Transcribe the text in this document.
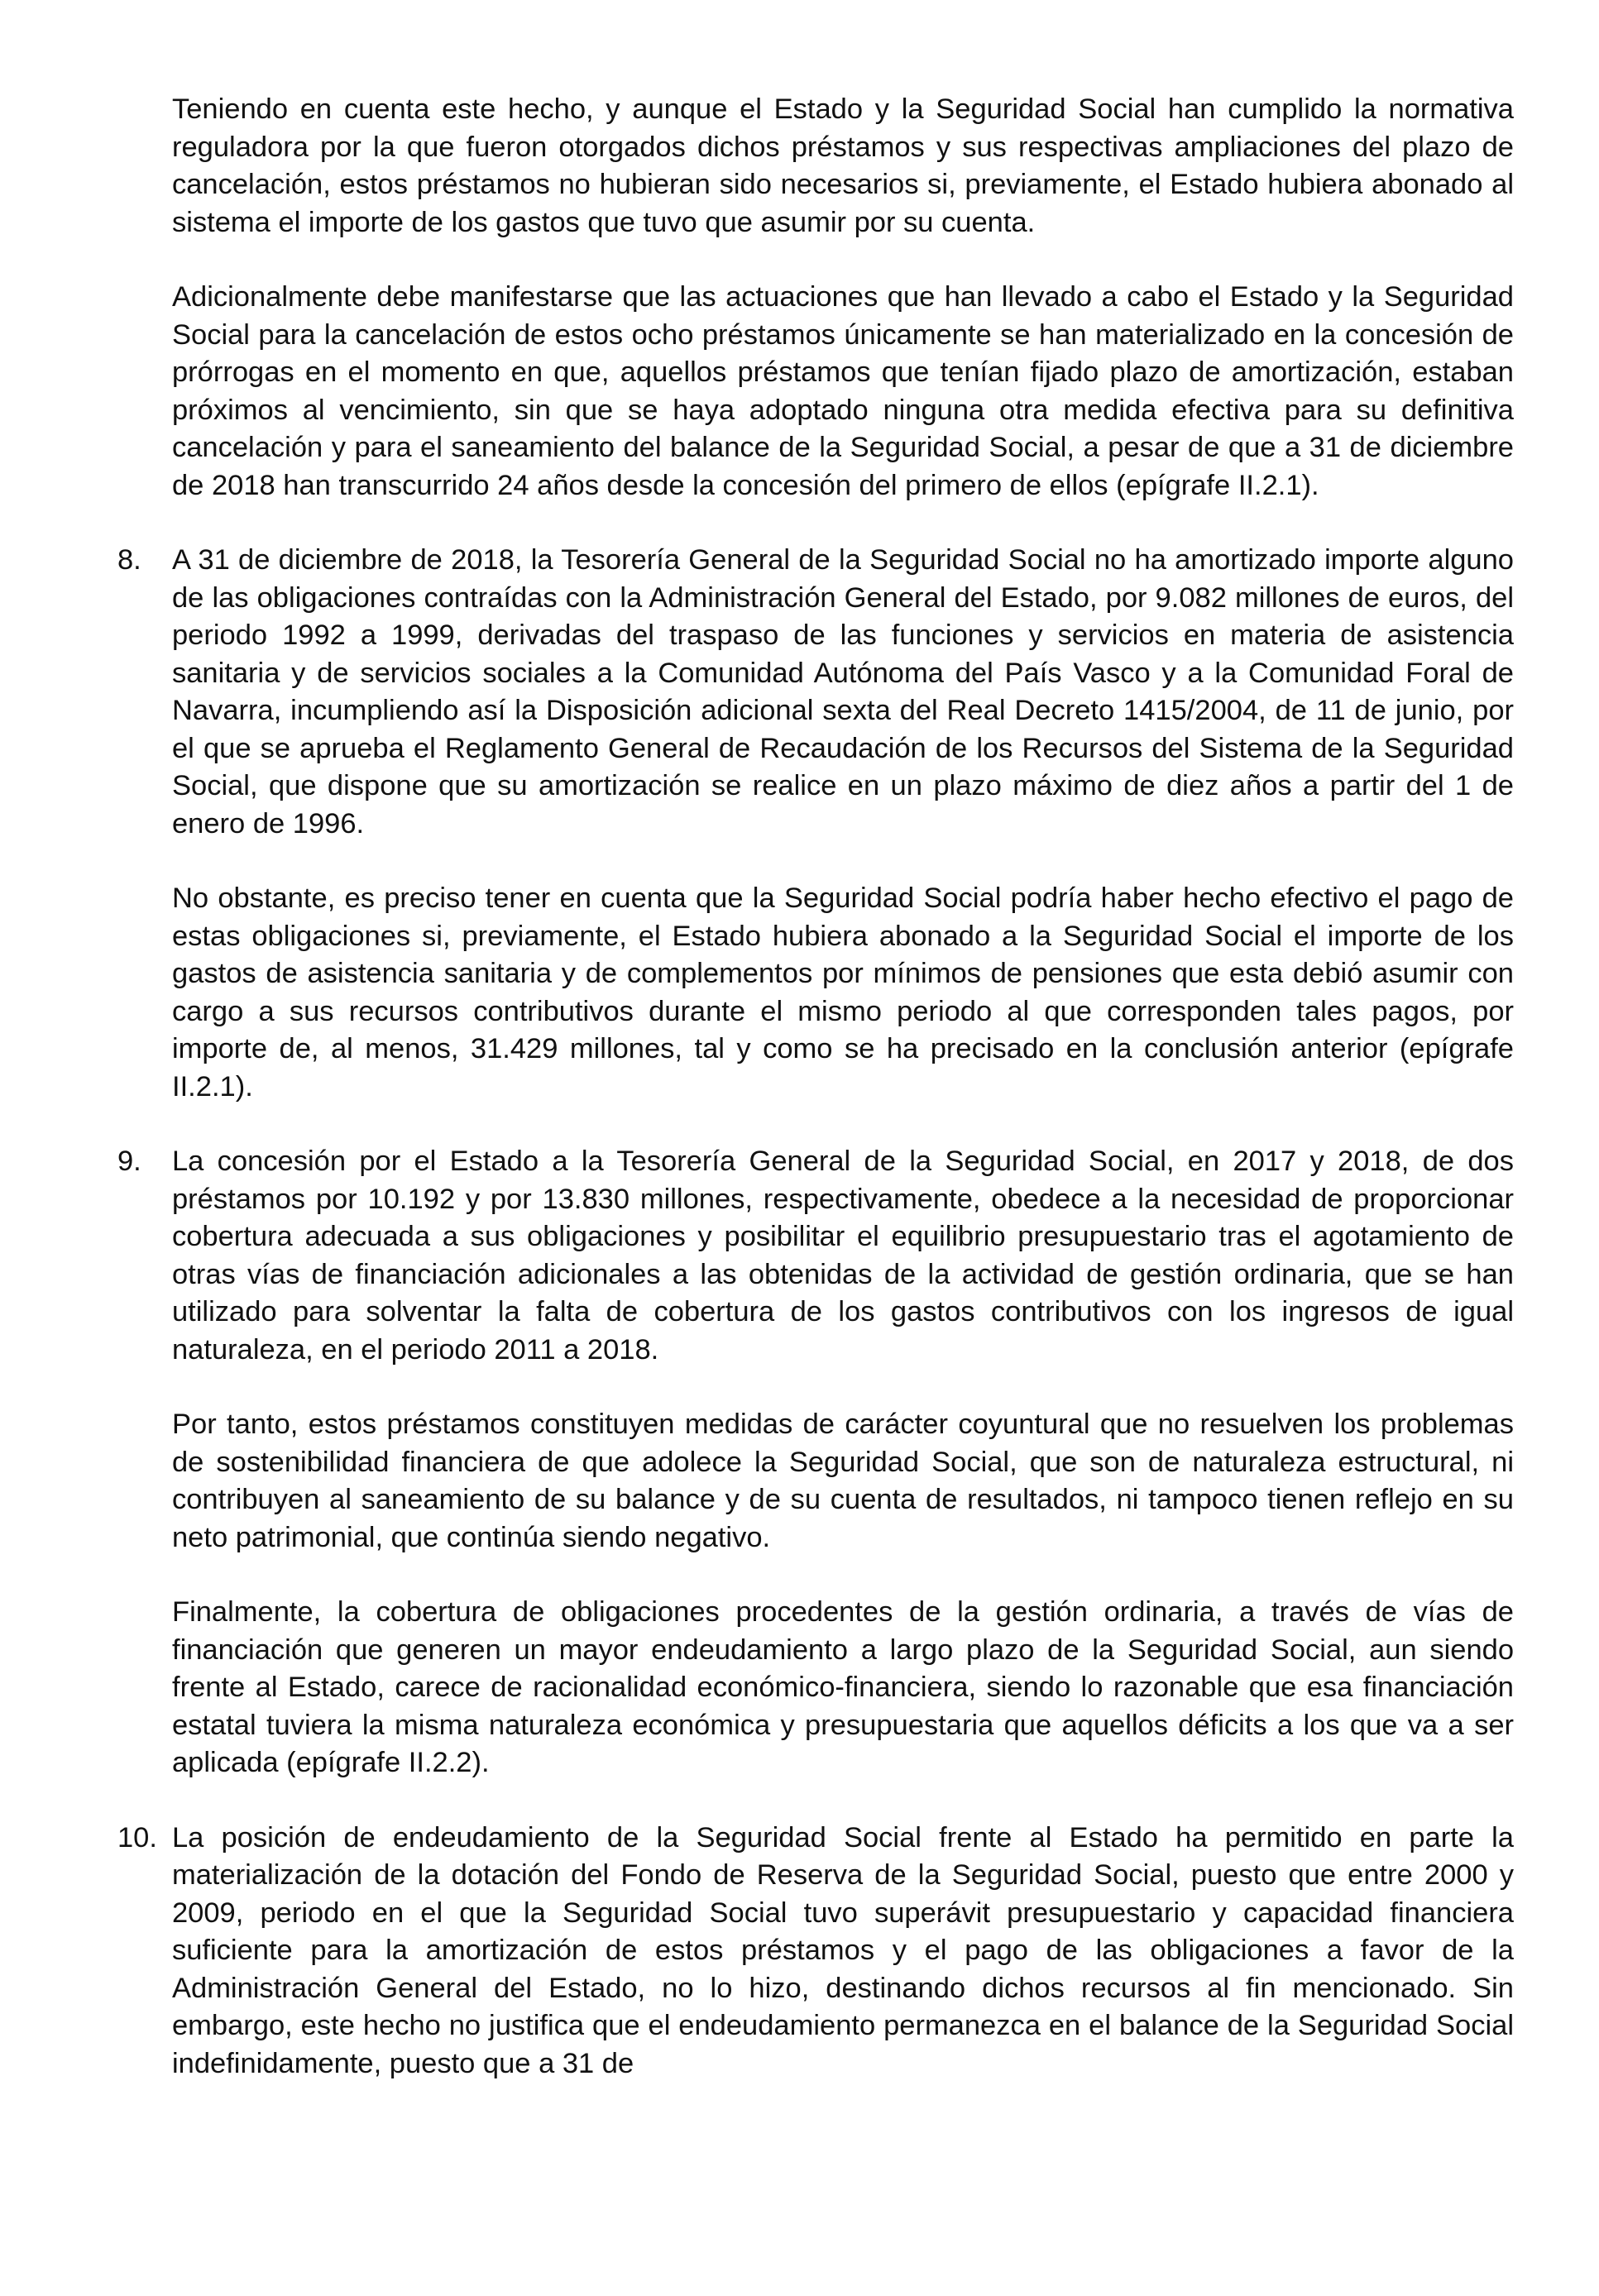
Teniendo en cuenta este hecho, y aunque el Estado y la Seguridad Social han cumplido la normativa reguladora por la que fueron otorgados dichos préstamos y sus respectivas ampliaciones del plazo de cancelación, estos préstamos no hubieran sido necesarios si, previamente, el Estado hubiera abonado al sistema el importe de los gastos que tuvo que asumir por su cuenta.

Adicionalmente debe manifestarse que las actuaciones que han llevado a cabo el Estado y la Seguridad Social para la cancelación de estos ocho préstamos únicamente se han materializado en la concesión de prórrogas en el momento en que, aquellos préstamos que tenían fijado plazo de amortización, estaban próximos al vencimiento, sin que se haya adoptado ninguna otra medida efectiva para su definitiva cancelación y para el saneamiento del balance de la Seguridad Social, a pesar de que a 31 de diciembre de 2018 han transcurrido 24 años desde la concesión del primero de ellos (epígrafe II.2.1).

8.	A 31 de diciembre de 2018, la Tesorería General de la Seguridad Social no ha amortizado importe alguno de las obligaciones contraídas con la Administración General del Estado, por 9.082 millones de euros, del periodo 1992 a 1999, derivadas del traspaso de las funciones y servicios en materia de asistencia sanitaria y de servicios sociales a la Comunidad Autónoma del País Vasco y a la Comunidad Foral de Navarra, incumpliendo así la Disposición adicional sexta del Real Decreto 1415/2004, de 11 de junio, por el que se aprueba el Reglamento General de Recaudación de los Recursos del Sistema de la Seguridad Social, que dispone que su amortización se realice en un plazo máximo de diez años a partir del 1 de enero de 1996.

No obstante, es preciso tener en cuenta que la Seguridad Social podría haber hecho efectivo el pago de estas obligaciones si, previamente, el Estado hubiera abonado a la Seguridad Social el importe de los gastos de asistencia sanitaria y de complementos por mínimos de pensiones que esta debió asumir con cargo a sus recursos contributivos durante el mismo periodo al que corresponden tales pagos, por importe de, al menos, 31.429 millones, tal y como se ha precisado en la conclusión anterior (epígrafe II.2.1).

9.	La concesión por el Estado a la Tesorería General de la Seguridad Social, en 2017 y 2018, de dos préstamos por 10.192 y por 13.830 millones, respectivamente, obedece a la necesidad de proporcionar cobertura adecuada a sus obligaciones y posibilitar el equilibrio presupuestario tras el agotamiento de otras vías de financiación adicionales a las obtenidas de la actividad de gestión ordinaria, que se han utilizado para solventar la falta de cobertura de los gastos contributivos con los ingresos de igual naturaleza, en el periodo 2011 a 2018.

Por tanto, estos préstamos constituyen medidas de carácter coyuntural que no resuelven los problemas de sostenibilidad financiera de que adolece la Seguridad Social, que son de naturaleza estructural, ni contribuyen al saneamiento de su balance y de su cuenta de resultados, ni tampoco tienen reflejo en su neto patrimonial, que continúa siendo negativo.

Finalmente, la cobertura de obligaciones procedentes de la gestión ordinaria, a través de vías de financiación que generen un mayor endeudamiento a largo plazo de la Seguridad Social, aun siendo frente al Estado, carece de racionalidad económico-financiera, siendo lo razonable que esa financiación estatal tuviera la misma naturaleza económica y presupuestaria que aquellos déficits a los que va a ser aplicada (epígrafe II.2.2).

10. La posición de endeudamiento de la Seguridad Social frente al Estado ha permitido en parte la materialización de la dotación del Fondo de Reserva de la Seguridad Social, puesto que entre 2000 y 2009, periodo en el que la Seguridad Social tuvo superávit presupuestario y capacidad financiera suficiente para la amortización de estos préstamos y el pago de las obligaciones a favor de la Administración General del Estado, no lo hizo, destinando dichos recursos al fin mencionado. Sin embargo, este hecho no justifica que el endeudamiento permanezca en el balance de la Seguridad Social indefinidamente, puesto que a 31 de
